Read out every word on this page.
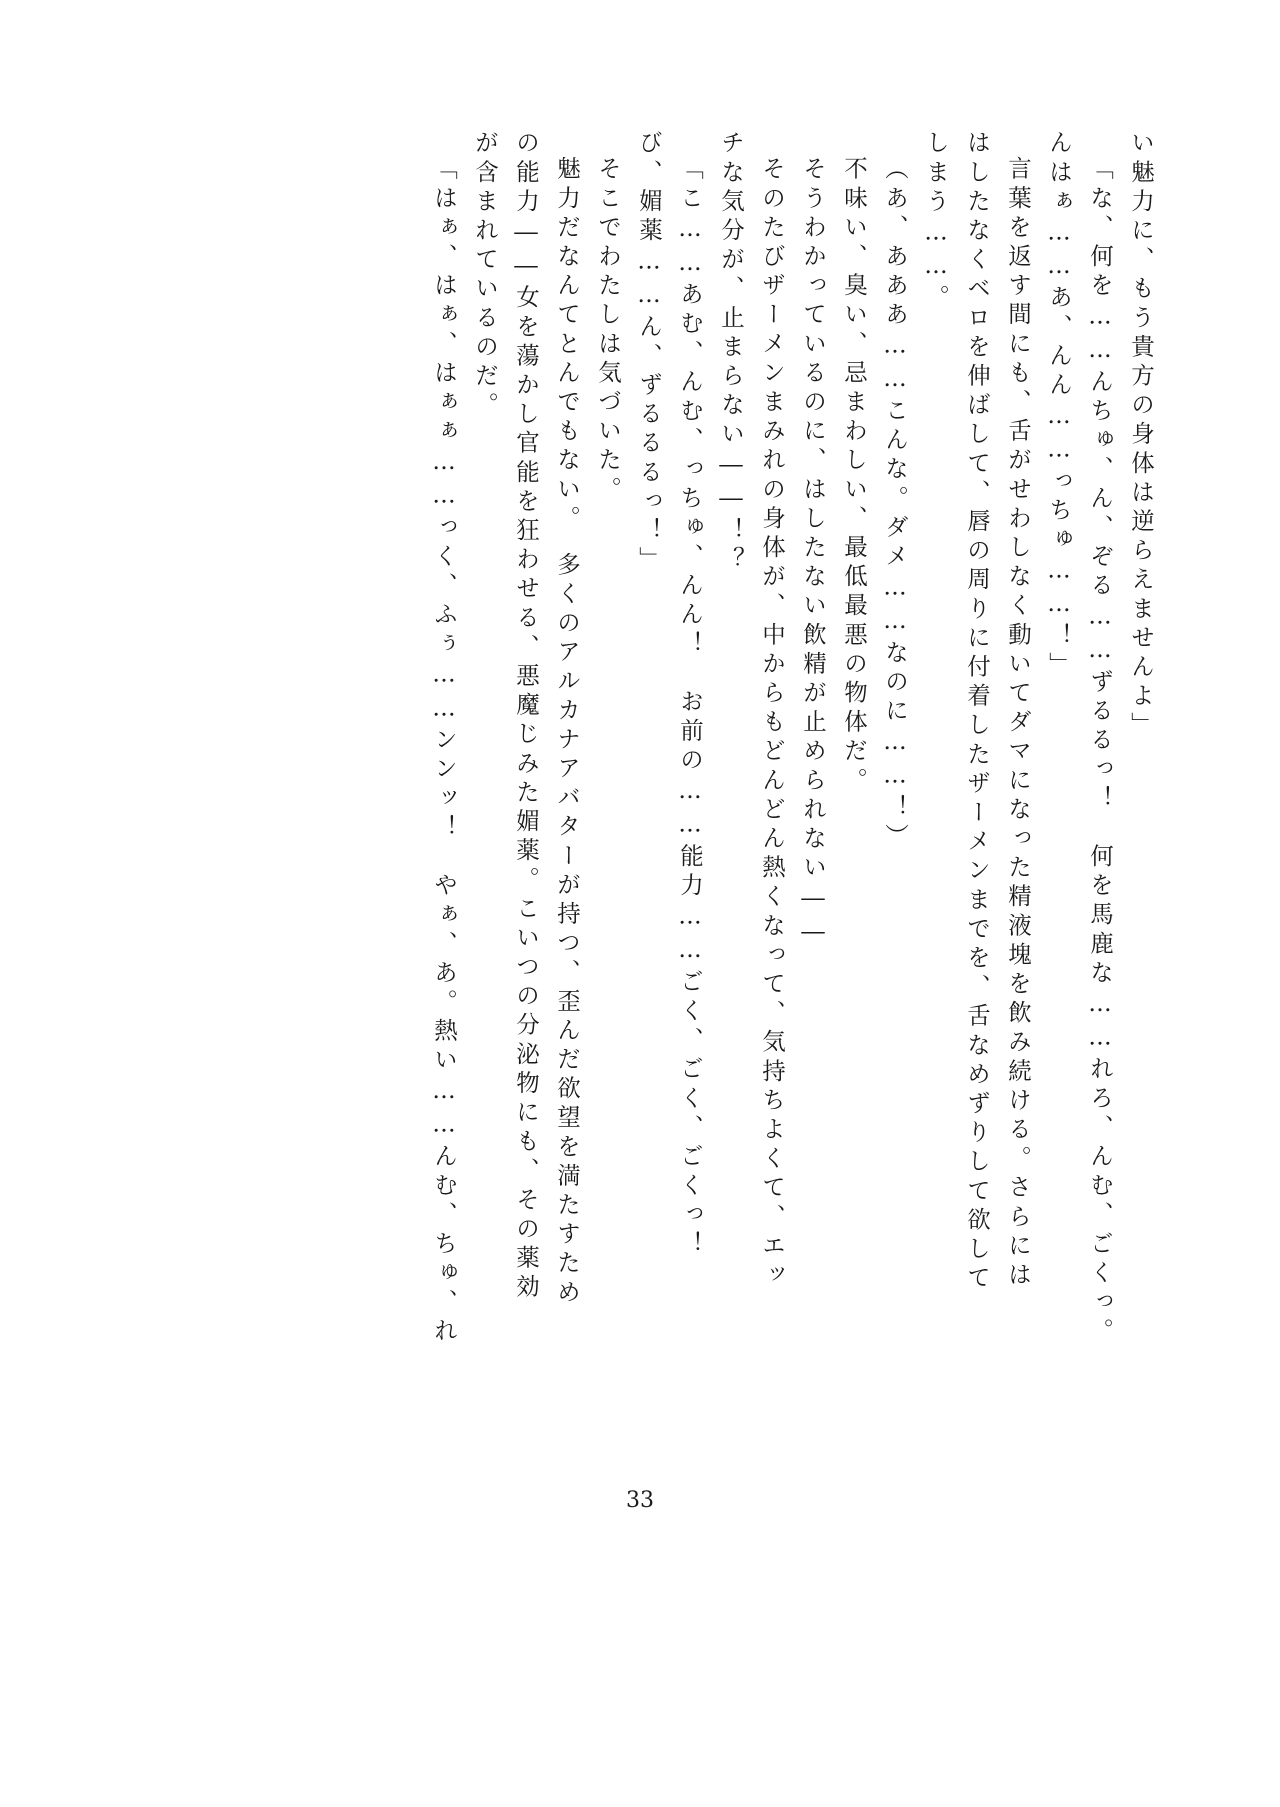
い魅力に、もう貴方の身体は逆らえませんよ」
「な、何を……んちゅ、ん、ぞる……ずるるっ！　何を馬鹿な……れろ、んむ、ごくっ。
んはぁ……あ、んん……っちゅ……！」
言葉を返す間にも、舌がせわしなく動いてダマになった精液塊を飲み続ける。さらには
はしたなくベロを伸ばして、唇の周りに付着したザーメンまでを、舌なめずりして欲して
しまう……。
（あ、あああ……こんな。ダメ……なのに……！）
不味い、臭い、忌まわしい、最低最悪の物体だ。
そうわかっているのに、はしたない飲精が止められない――
そのたびザーメンまみれの身体が、中からもどんどん熱くなって、気持ちよくて、エッ
チな気分が、止まらない――！？
「こ……あむ、んむ、っちゅ、んん！　お前の……能力……ごく、ごく、ごくっ！
び、媚薬……ん、ずるるるっ！」
そこでわたしは気づいた。
魅力だなんてとんでもない。　多くのアルカナアバターが持つ、歪んだ欲望を満たすため
の能力――女を蕩かし官能を狂わせる、悪魔じみた媚薬。こいつの分泌物にも、その薬効
が含まれているのだ。
「はぁ、はぁ、はぁぁ……っく、ふぅ……ンンッ！　やぁ、あ。熱い……んむ、ちゅ、れ
33
